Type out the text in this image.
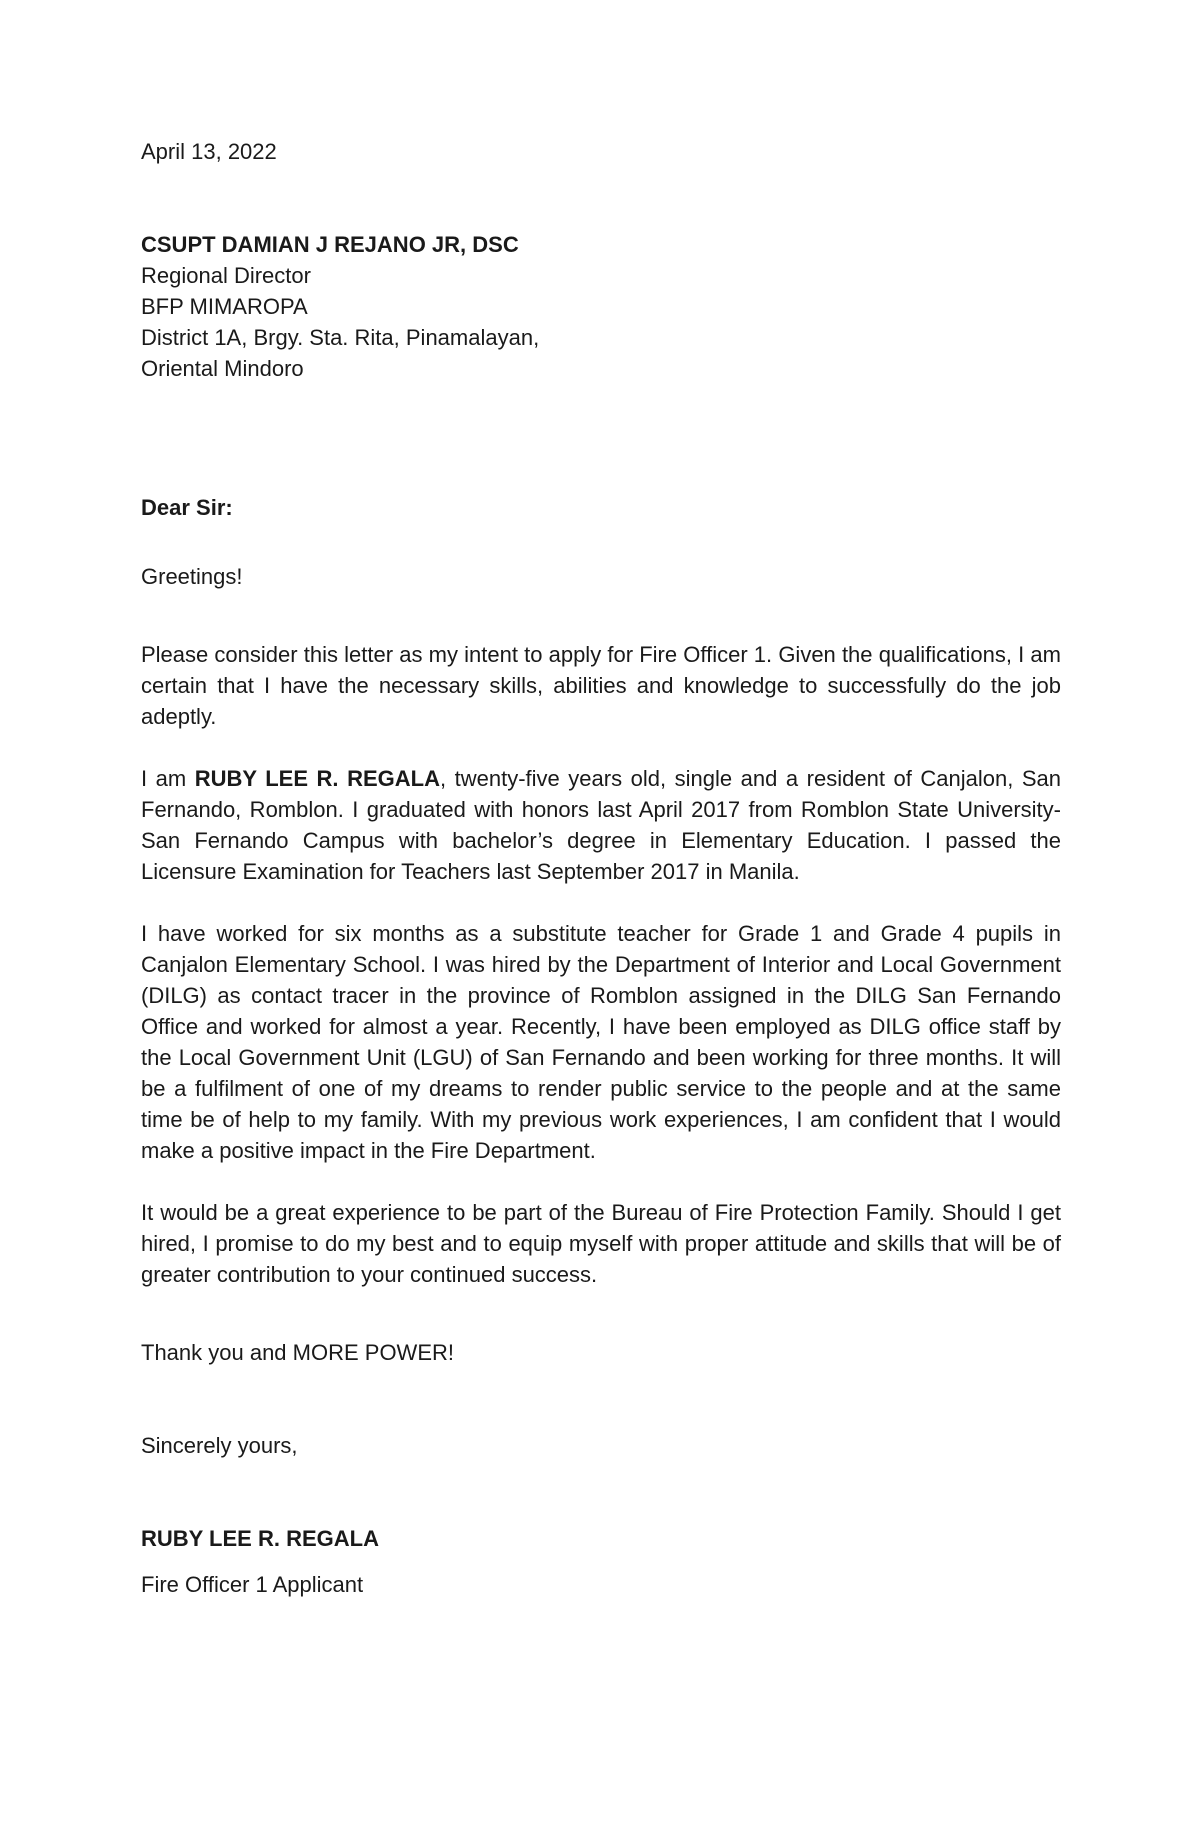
April 13, 2022
CSUPT DAMIAN J REJANO JR, DSC
Regional Director
BFP MIMAROPA
District 1A, Brgy. Sta. Rita, Pinamalayan,
Oriental Mindoro
Dear Sir:
Greetings!

Please consider this letter as my intent to apply for Fire Officer 1. Given the qualifications, I am certain that I have the necessary skills, abilities and knowledge to successfully do the job adeptly.

I am RUBY LEE R. REGALA, twenty-five years old, single and a resident of Canjalon, San Fernando, Romblon. I graduated with honors last April 2017 from Romblon State University- San Fernando Campus with bachelor’s degree in Elementary Education. I passed the Licensure Examination for Teachers last September 2017 in Manila.

I have worked for six months as a substitute teacher for Grade 1 and Grade 4 pupils in Canjalon Elementary School. I was hired by the Department of Interior and Local Government (DILG) as contact tracer in the province of Romblon assigned in the DILG San Fernando Office and worked for almost a year. Recently, I have been employed as DILG office staff by the Local Government Unit (LGU) of San Fernando and been working for three months. It will be a fulfilment of one of my dreams to render public service to the people and at the same time be of help to my family. With my previous work experiences, I am confident that I would make a positive impact in the Fire Department.

It would be a great experience to be part of the Bureau of Fire Protection Family. Should I get hired, I promise to do my best and to equip myself with proper attitude and skills that will be of greater contribution to your continued success.

Thank you and MORE POWER!
Sincerely yours,
RUBY LEE R. REGALA
Fire Officer 1 Applicant
